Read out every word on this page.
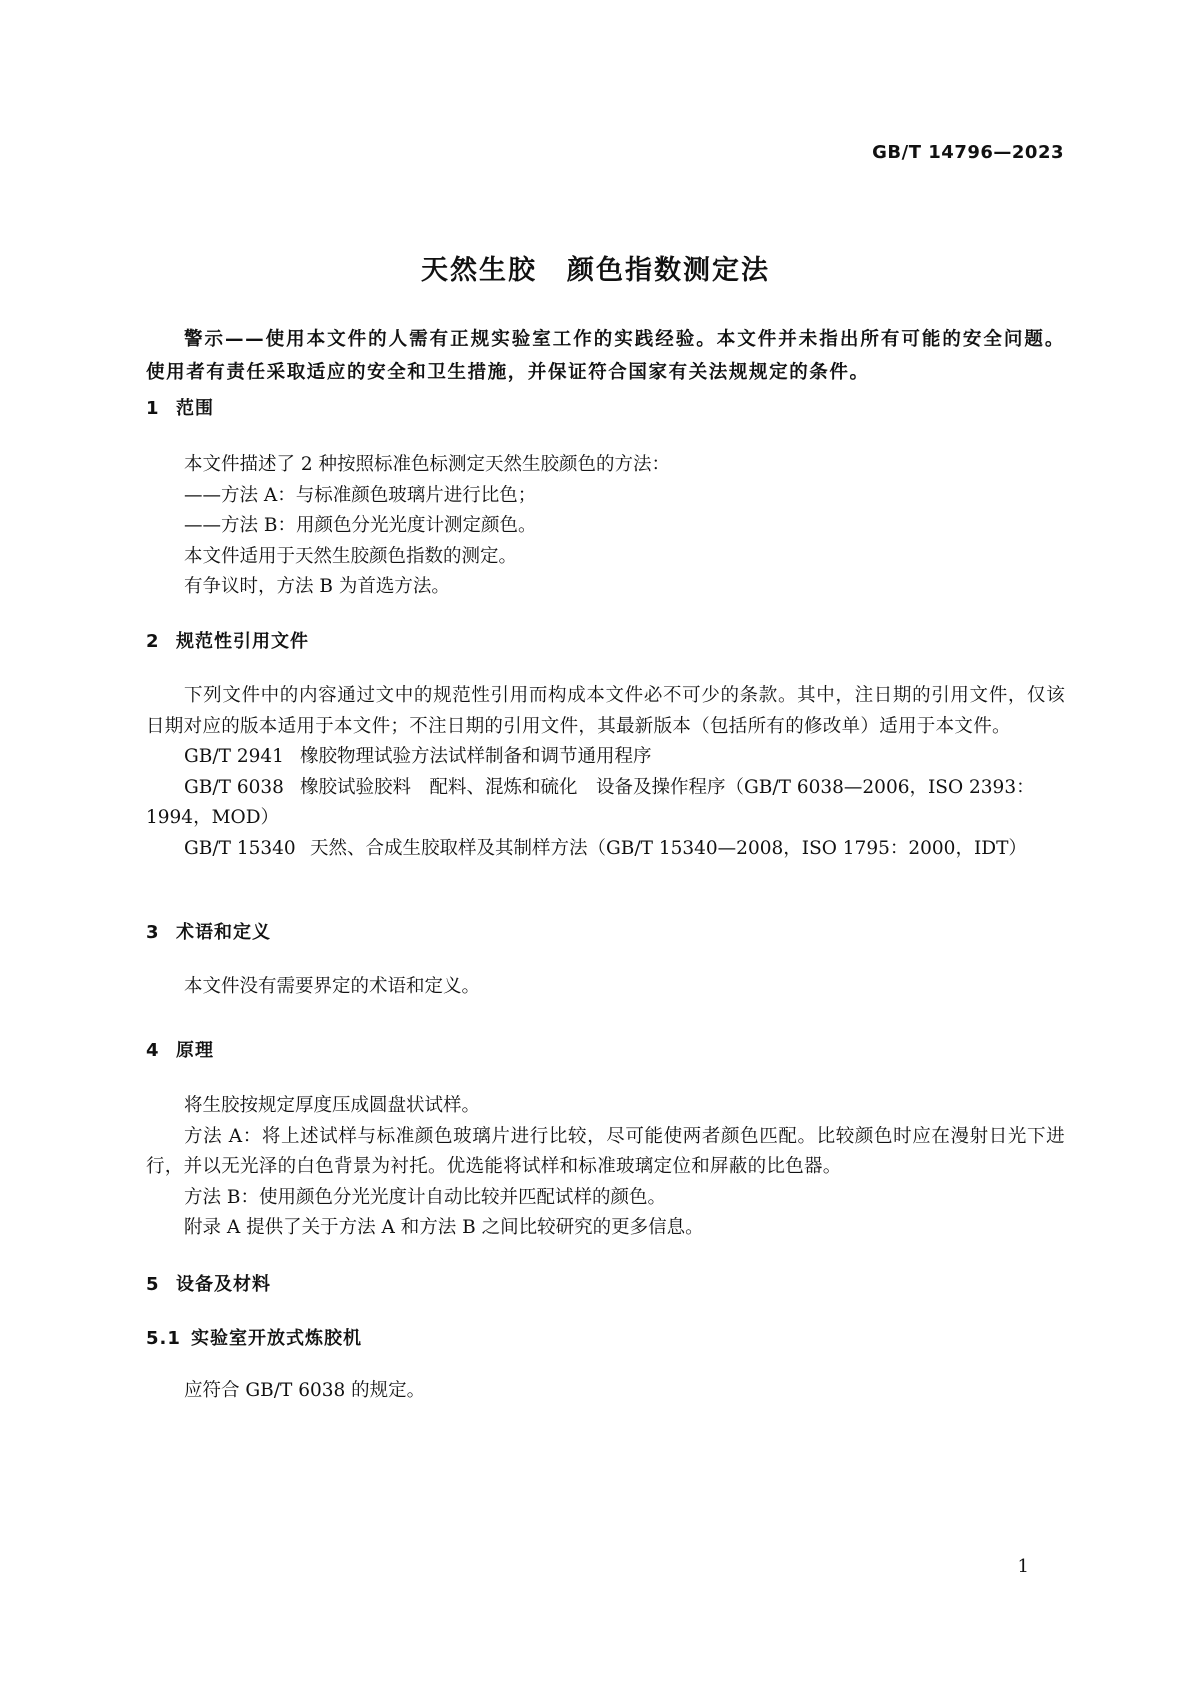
GB/T 14796—2023
天然生胶 颜色指数测定法
警示——使用本文件的人需有正规实验室工作的实践经验。本文件并未指出所有可能的安全问题。使用者有责任采取适应的安全和卫生措施，并保证符合国家有关法规规定的条件。
1 范围
本文件描述了 2 种按照标准色标测定天然生胶颜色的方法：
——方法 A：与标准颜色玻璃片进行比色；
——方法 B：用颜色分光光度计测定颜色。
本文件适用于天然生胶颜色指数的测定。
有争议时，方法 B 为首选方法。
2 规范性引用文件
下列文件中的内容通过文中的规范性引用而构成本文件必不可少的条款。其中，注日期的引用文件，仅该日期对应的版本适用于本文件；不注日期的引用文件，其最新版本（包括所有的修改单）适用于本文件。
GB/T 2941 橡胶物理试验方法试样制备和调节通用程序
GB/T 6038 橡胶试验胶料　配料、混炼和硫化　设备及操作程序（GB/T 6038—2006，ISO 2393：
1994，MOD）
GB/T 15340 天然、合成生胶取样及其制样方法（GB/T 15340—2008，ISO 1795：2000，IDT）
3 术语和定义
本文件没有需要界定的术语和定义。
4 原理
将生胶按规定厚度压成圆盘状试样。
方法 A：将上述试样与标准颜色玻璃片进行比较，尽可能使两者颜色匹配。比较颜色时应在漫射日光下进行，并以无光泽的白色背景为衬托。优选能将试样和标准玻璃定位和屏蔽的比色器。
方法 B：使用颜色分光光度计自动比较并匹配试样的颜色。
附录 A 提供了关于方法 A 和方法 B 之间比较研究的更多信息。
5 设备及材料
5.1 实验室开放式炼胶机
应符合 GB/T 6038 的规定。
1
